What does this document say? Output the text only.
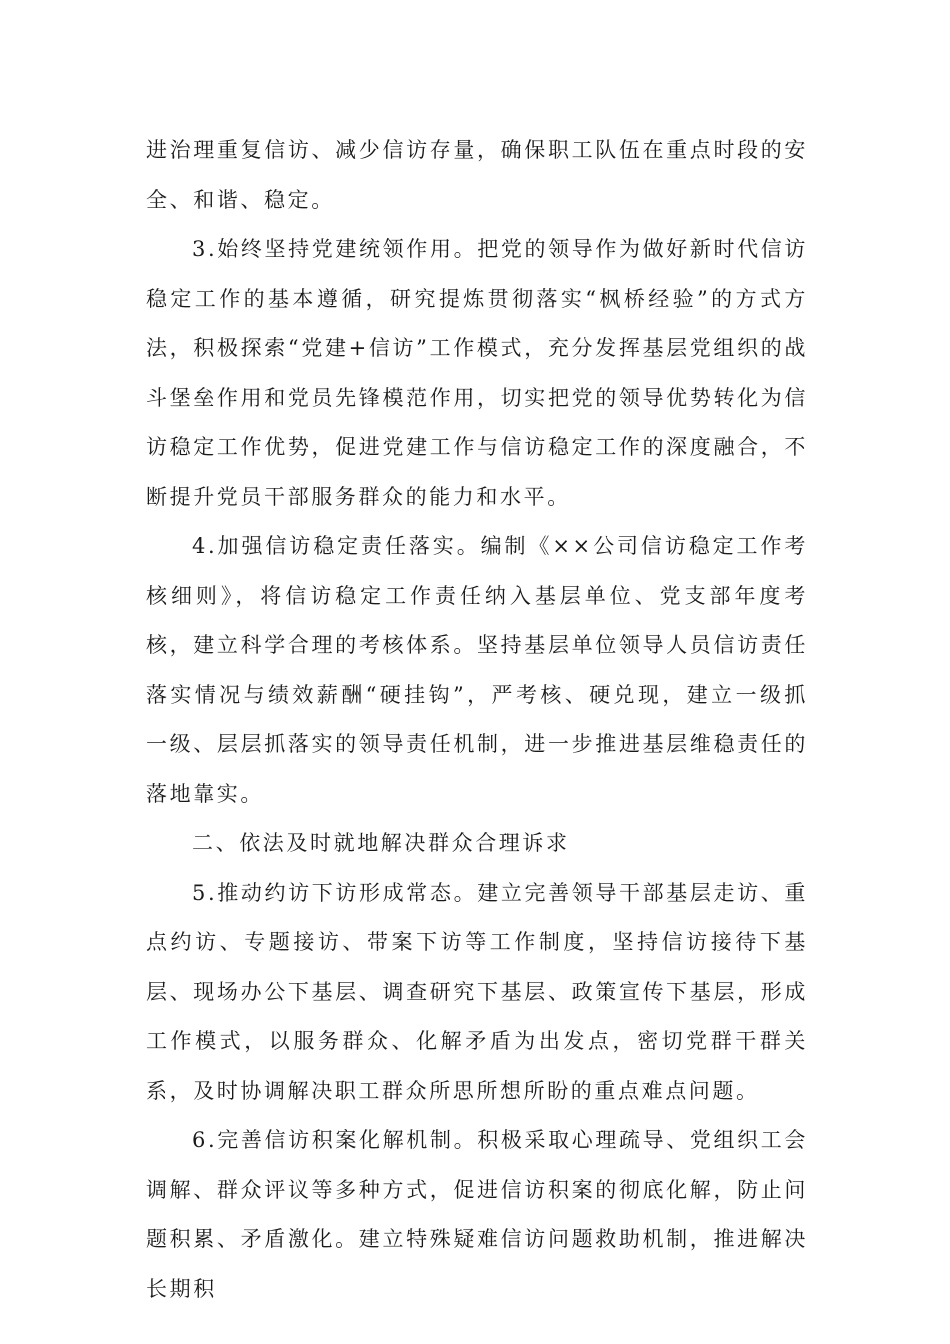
进治理重复信访、减少信访存量，确保职工队伍在重点时段的安全、和谐、稳定。

3.始终坚持党建统领作用。把党的领导作为做好新时代信访稳定工作的基本遵循，研究提炼贯彻落实“枫桥经验”的方式方法，积极探索“党建+信访”工作模式，充分发挥基层党组织的战斗堡垒作用和党员先锋模范作用，切实把党的领导优势转化为信访稳定工作优势，促进党建工作与信访稳定工作的深度融合，不断提升党员干部服务群众的能力和水平。

4.加强信访稳定责任落实。编制《××公司信访稳定工作考核细则》，将信访稳定工作责任纳入基层单位、党支部年度考核，建立科学合理的考核体系。坚持基层单位领导人员信访责任落实情况与绩效薪酬“硬挂钩”，严考核、硬兑现，建立一级抓一级、层层抓落实的领导责任机制，进一步推进基层维稳责任的落地靠实。

二、依法及时就地解决群众合理诉求

5.推动约访下访形成常态。建立完善领导干部基层走访、重点约访、专题接访、带案下访等工作制度，坚持信访接待下基层、现场办公下基层、调查研究下基层、政策宣传下基层，形成工作模式，以服务群众、化解矛盾为出发点，密切党群干群关系，及时协调解决职工群众所思所想所盼的重点难点问题。

6.完善信访积案化解机制。积极采取心理疏导、党组织工会调解、群众评议等多种方式，促进信访积案的彻底化解，防止问题积累、矛盾激化。建立特殊疑难信访问题救助机制，推进解决长期积
